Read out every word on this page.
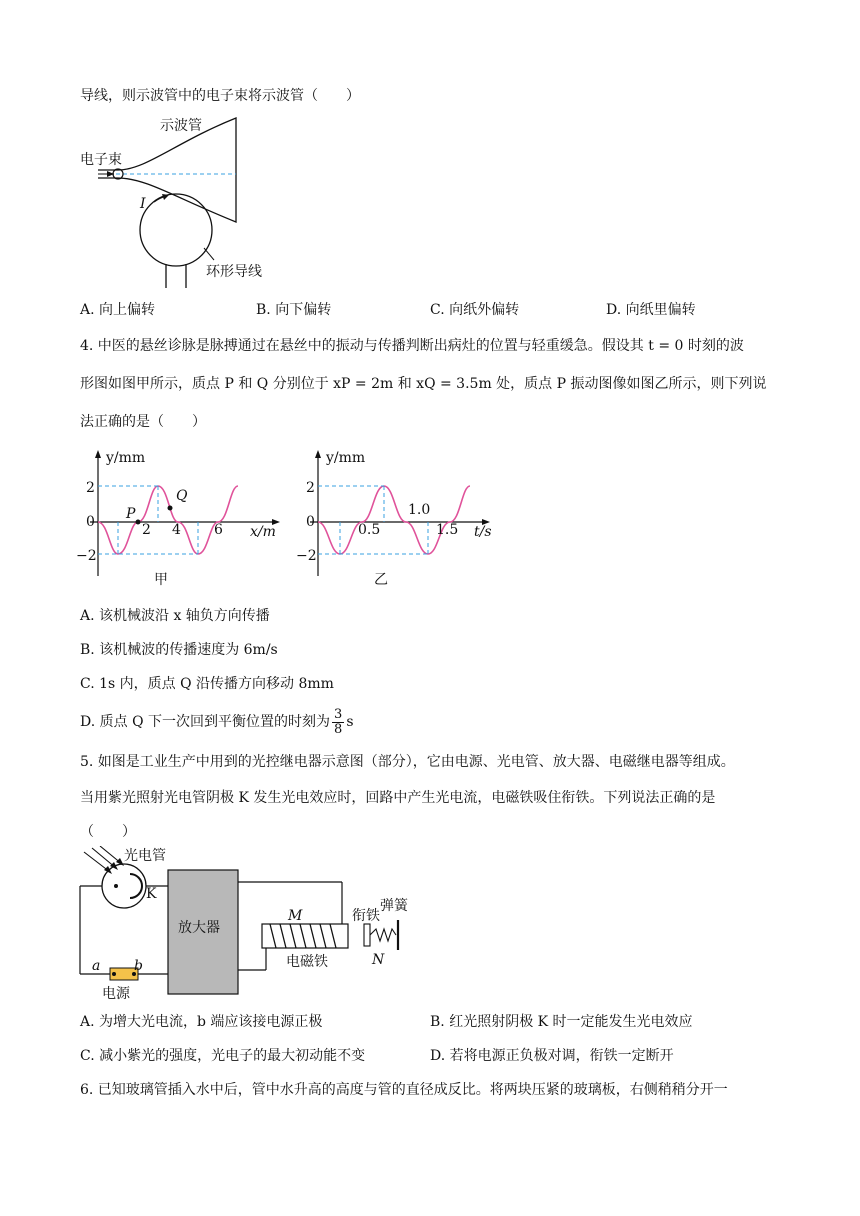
导线，则示波管中的电子束将示波管（　　）
示波管
电子束
I
环形导线
A. 向上偏转	B. 向下偏转	C. 向纸外偏转	D. 向纸里偏转
4. 中医的悬丝诊脉是脉搏通过在悬丝中的振动与传播判断出病灶的位置与轻重缓急。假设其 t = 0 时刻的波
形图如图甲所示，质点 P 和 Q 分别位于 xP = 2m 和 xQ = 3.5m 处，质点 P 振动图像如图乙所示，则下列说
法正确的是（　　）
y/mm
2
0
−2
2 4 6 x/m
P
Q
甲
y/mm
2
0
−2
0.5
1.0
1.5 t/s
乙
A. 该机械波沿 x 轴负方向传播
B. 该机械波的传播速度为 6m/s
C. 1s 内，质点 Q 沿传播方向移动 8mm
D. 质点 Q 下一次回到平衡位置的时刻为 $\frac{3}{8}$ s
5. 如图是工业生产中用到的光控继电器示意图（部分），它由电源、光电管、放大器、电磁继电器等组成。
当用紫光照射光电管阴极 K 发生光电效应时，回路中产生光电流，电磁铁吸住衔铁。下列说法正确的是
（　　）
光电管
K
放大器
M	衔铁
弹簧
电磁铁	N
a b
电源
A. 为增大光电流，b 端应该接电源正极	B. 红光照射阴极 K 时一定能发生光电效应
C. 减小紫光的强度，光电子的最大初动能不变	D. 若将电源正负极对调，衔铁一定断开
6. 已知玻璃管插入水中后，管中水升高的高度与管的直径成反比。将两块压紧的玻璃板，右侧稍稍分开一
